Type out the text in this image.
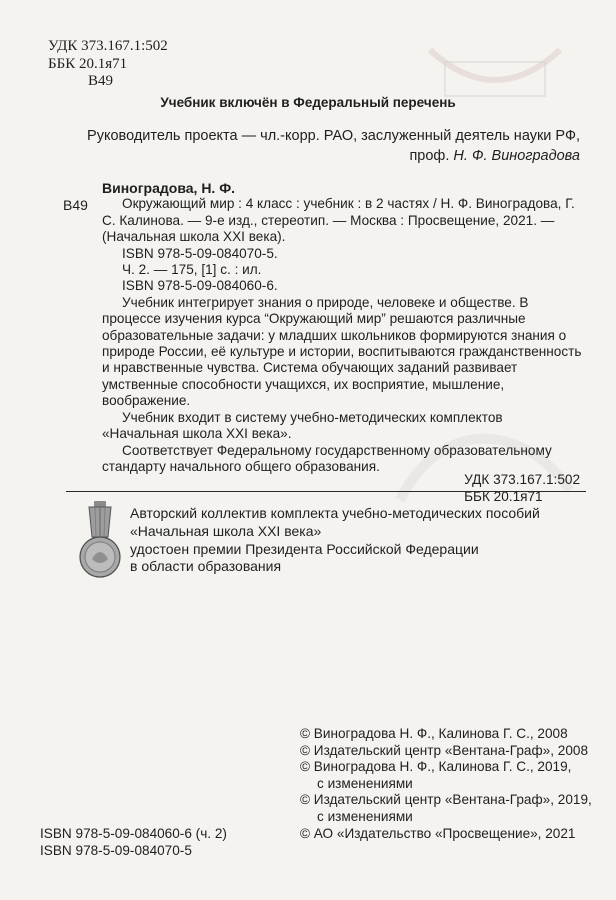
УДК 373.167.1:502
ББК 20.1я71
В49
Учебник включён в Федеральный перечень
Руководитель проекта — чл.-корр. РАО, заслуженный деятель науки РФ,
проф. Н. Ф. Виноградова
В49

Виноградова, Н. Ф.

Окружающий мир : 4 класс : учебник : в 2 частях / Н. Ф. Виноградова, Г. С. Калинова. — 9-е изд., стереотип. — Москва : Просвещение, 2021. — (Начальная школа XXI века).

ISBN 978-5-09-084070-5.

Ч. 2. — 175, [1] с. : ил.

ISBN 978-5-09-084060-6.

Учебник интегрирует знания о природе, человеке и обществе. В процессе изучения курса “Окружающий мир” решаются различные образовательные задачи: у младших школьников формируются знания о природе России, её культуре и истории, воспитываются гражданственность и нравственные чувства. Система обучающих заданий развивает умственные способности учащихся, их восприятие, мышление, воображение.

Учебник входит в систему учебно-методических комплектов «Начальная школа XXI века».

Соответствует Федеральному государственному образовательному стандарту начального общего образования.

УДК 373.167.1:502
ББК 20.1я71
Авторский коллектив комплекта учебно-методических пособий
«Начальная школа XXI века»
удостоен премии Президента Российской Федерации
в области образования
© Виноградова Н. Ф., Калинова Г. С., 2008
© Издательский центр «Вентана-Граф», 2008
© Виноградова Н. Ф., Калинова Г. С., 2019,
с изменениями
© Издательский центр «Вентана-Граф», 2019,
с изменениями
© АО «Издательство «Просвещение», 2021
ISBN 978-5-09-084060-6 (ч. 2)
ISBN 978-5-09-084070-5
